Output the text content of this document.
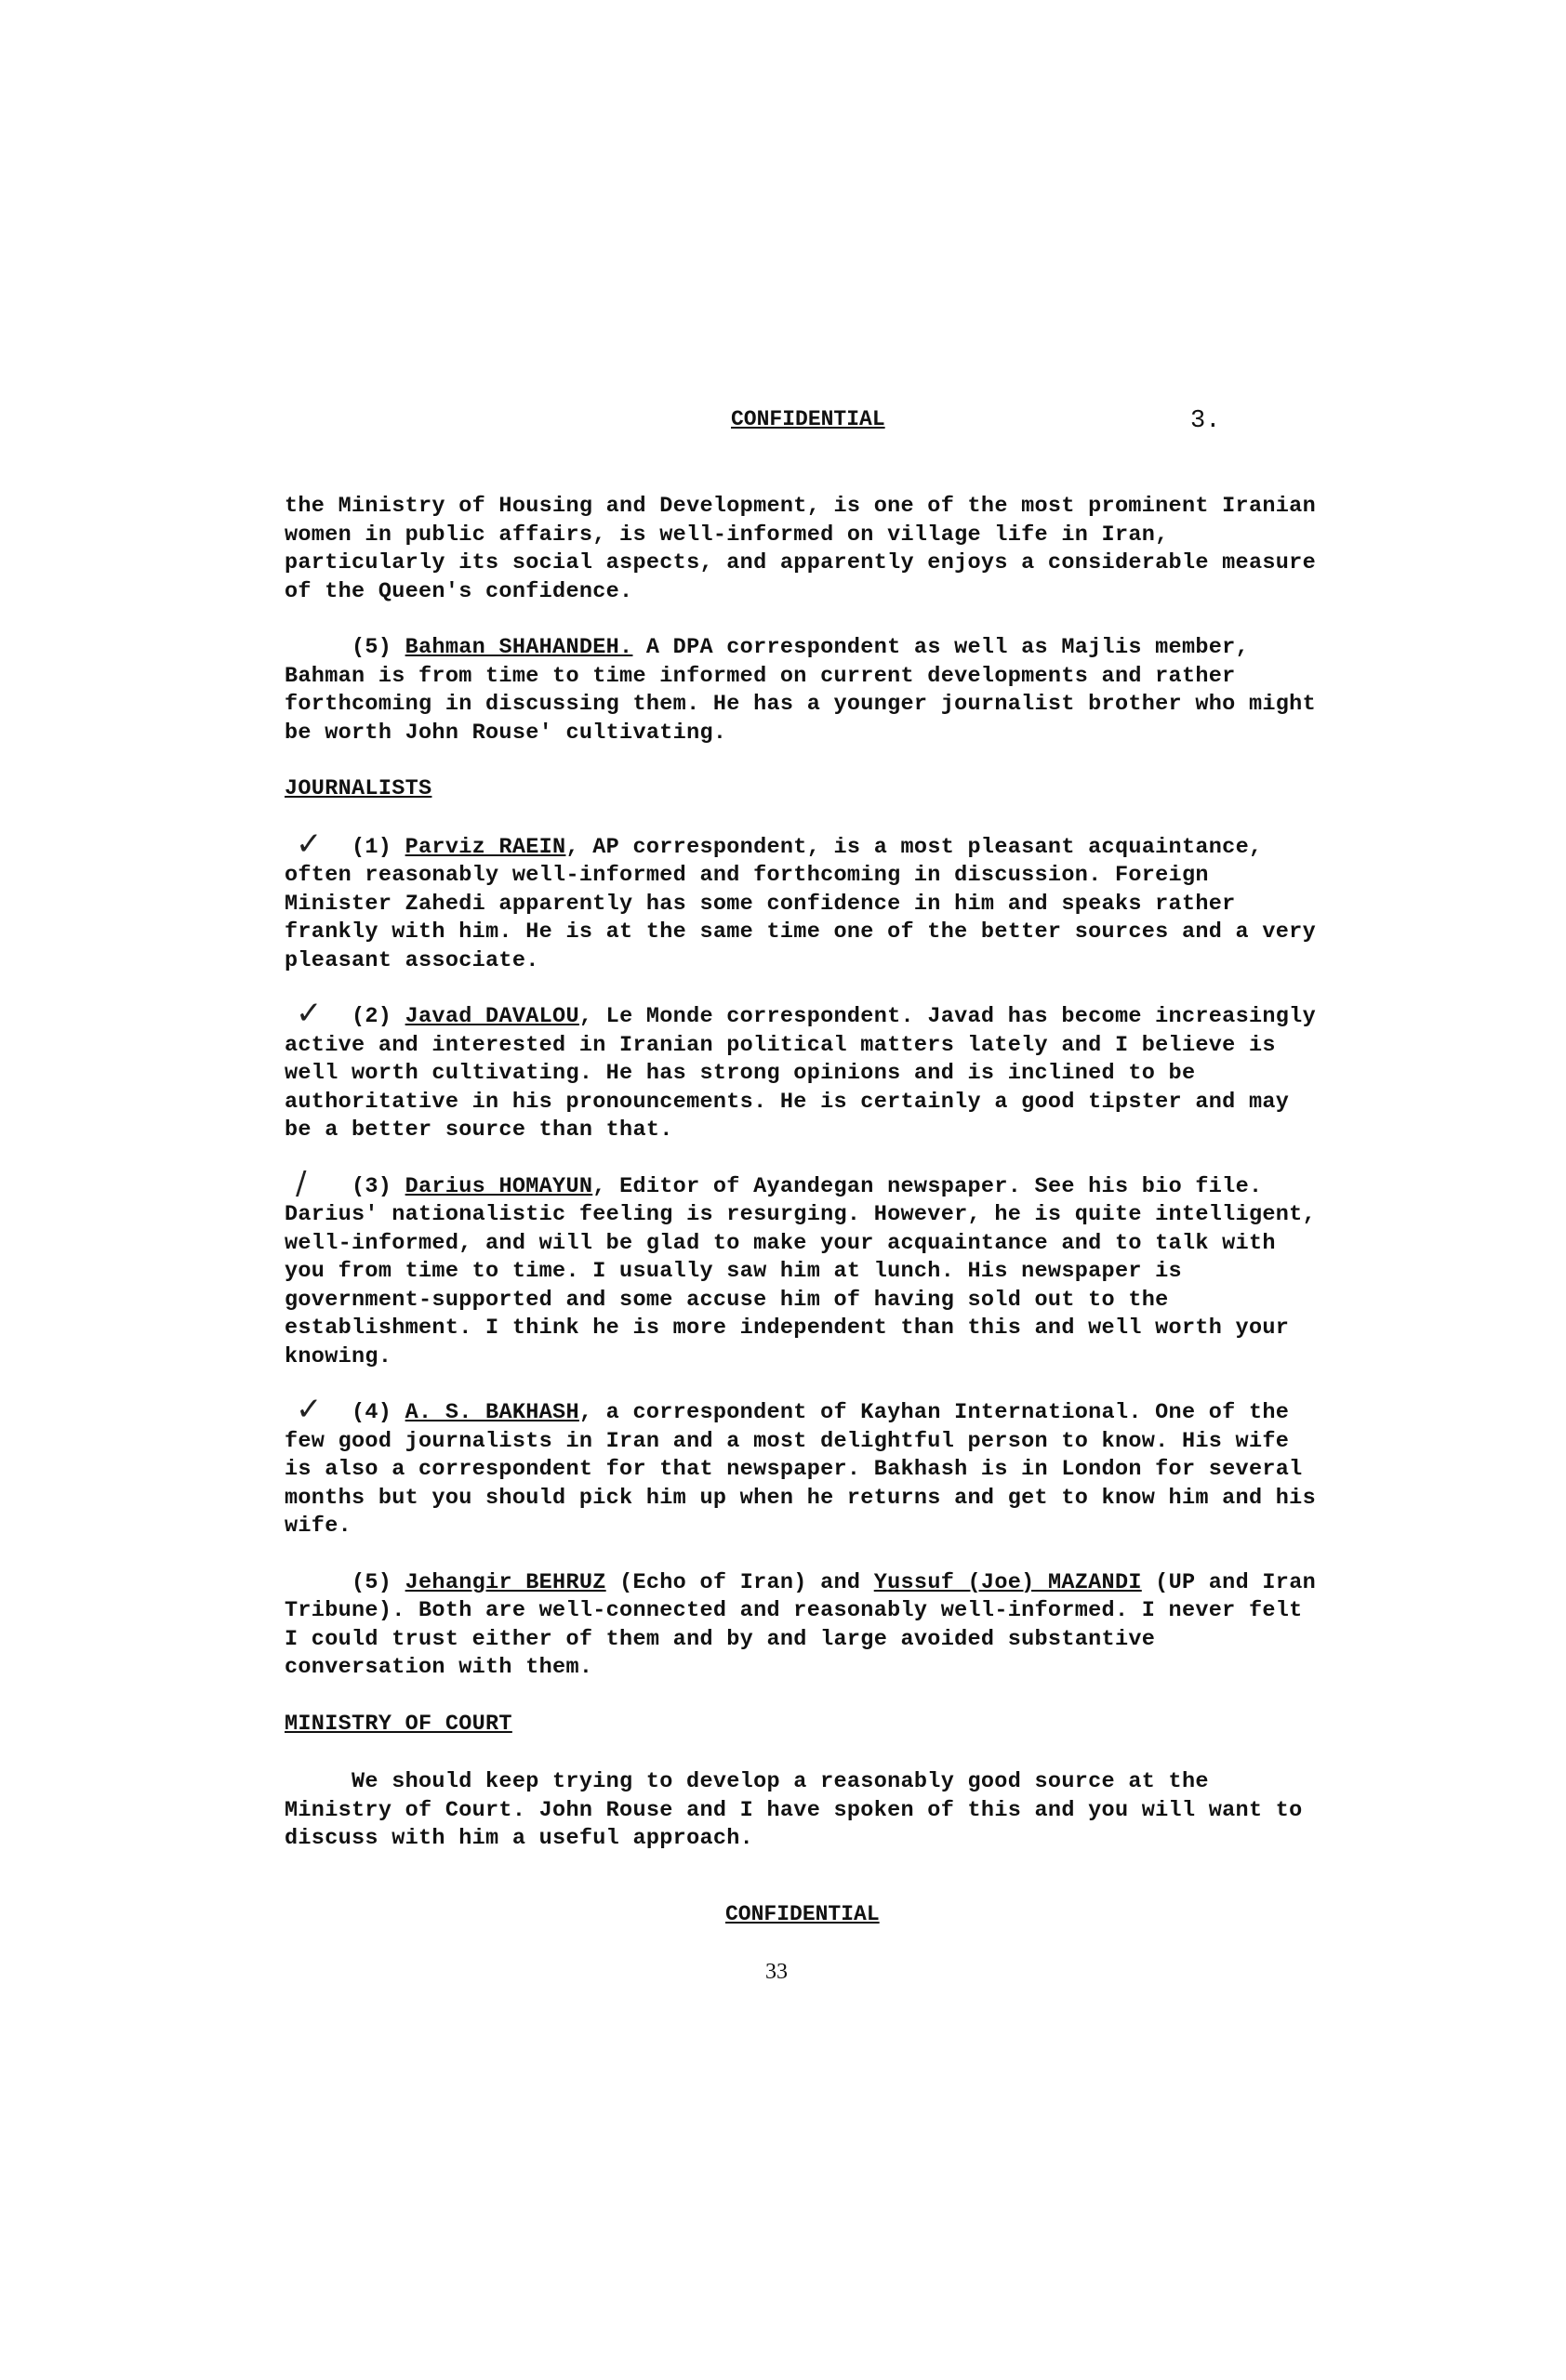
CONFIDENTIAL	3.

the Ministry of Housing and Development, is one of the most prominent Iranian women in public affairs, is well-informed on village life in Iran, particularly its social aspects, and apparently enjoys a considerable measure of the Queen's confidence.

(5) Bahman SHAHANDEH. A DPA correspondent as well as Majlis member, Bahman is from time to time informed on current developments and rather forthcoming in discussing them. He has a younger journalist brother who might be worth John Rouse' cultivating.

JOURNALISTS

✓ (1) Parviz RAEIN, AP correspondent, is a most pleasant acquaintance, often reasonably well-informed and forthcoming in discussion. Foreign Minister Zahedi apparently has some confidence in him and speaks rather frankly with him. He is at the same time one of the better sources and a very pleasant associate.

✓ (2) Javad DAVALOU, Le Monde correspondent. Javad has become increasingly active and interested in Iranian political matters lately and I believe is well worth cultivating. He has strong opinions and is inclined to be authoritative in his pronouncements. He is certainly a good tipster and may be a better source than that.

/ (3) Darius HOMAYUN, Editor of Ayandegan newspaper. See his bio file. Darius' nationalistic feeling is resurging. However, he is quite intelligent, well-informed, and will be glad to make your acquaintance and to talk with you from time to time. I usually saw him at lunch. His newspaper is government-supported and some accuse him of having sold out to the establishment. I think he is more independent than this and well worth your knowing.

✓ (4) A. S. BAKHASH, a correspondent of Kayhan International. One of the few good journalists in Iran and a most delightful person to know. His wife is also a correspondent for that newspaper. Bakhash is in London for several months but you should pick him up when he returns and get to know him and his wife.

(5) Jehangir BEHRUZ (Echo of Iran) and Yussuf (Joe) MAZANDI (UP and Iran Tribune). Both are well-connected and reasonably well-informed. I never felt I could trust either of them and by and large avoided substantive conversation with them.

MINISTRY OF COURT

We should keep trying to develop a reasonably good source at the Ministry of Court. John Rouse and I have spoken of this and you will want to discuss with him a useful approach.

CONFIDENTIAL
33
